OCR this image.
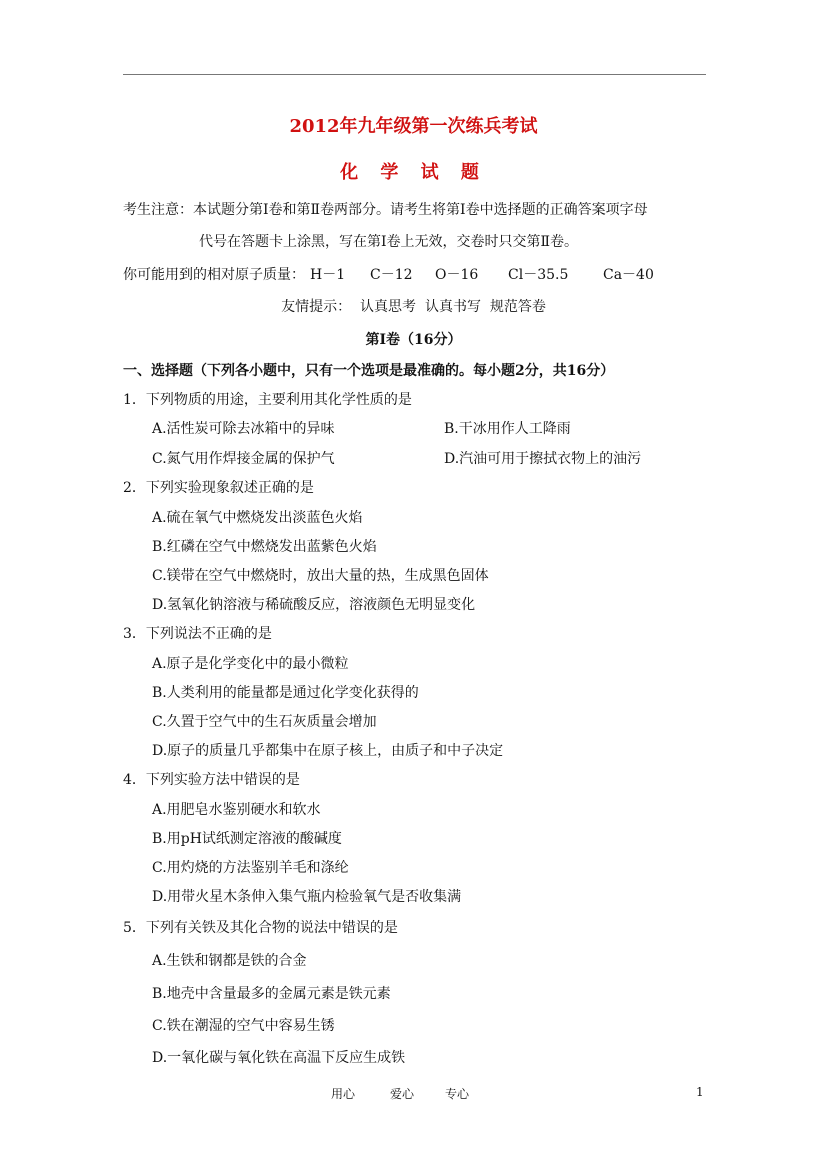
2012年九年级第一次练兵考试
化 学 试 题
考生注意：本试题分第Ⅰ卷和第Ⅱ卷两部分。请考生将第Ⅰ卷中选择题的正确答案项字母
代号在答题卡上涂黑，写在第Ⅰ卷上无效，交卷时只交第Ⅱ卷。
你可能用到的相对原子质量： H－1 C－12 O－16 Cl－35.5 Ca－40
友情提示：  认真思考  认真书写  规范答卷
第Ⅰ卷（16分）
一、选择题（下列各小题中，只有一个选项是最准确的。每小题2分，共16分）
1．下列物质的用途，主要利用其化学性质的是
A.活性炭可除去冰箱中的异味	B.干冰用作人工降雨
C.氮气用作焊接金属的保护气	D.汽油可用于擦拭衣物上的油污
2．下列实验现象叙述正确的是
A.硫在氧气中燃烧发出淡蓝色火焰
B.红磷在空气中燃烧发出蓝紫色火焰
C.镁带在空气中燃烧时，放出大量的热，生成黑色固体
D.氢氧化钠溶液与稀硫酸反应，溶液颜色无明显变化
3．下列说法不正确的是
A.原子是化学变化中的最小微粒
B.人类利用的能量都是通过化学变化获得的
C.久置于空气中的生石灰质量会增加
D.原子的质量几乎都集中在原子核上，由质子和中子决定
4．下列实验方法中错误的是
A.用肥皂水鉴别硬水和软水
B.用pH试纸测定溶液的酸碱度
C.用灼烧的方法鉴别羊毛和涤纶
D.用带火星木条伸入集气瓶内检验氧气是否收集满
5．下列有关铁及其化合物的说法中错误的是
A.生铁和钢都是铁的合金
B.地壳中含量最多的金属元素是铁元素
C.铁在潮湿的空气中容易生锈
D.一氧化碳与氧化铁在高温下反应生成铁
用心	爱心	专心	1
